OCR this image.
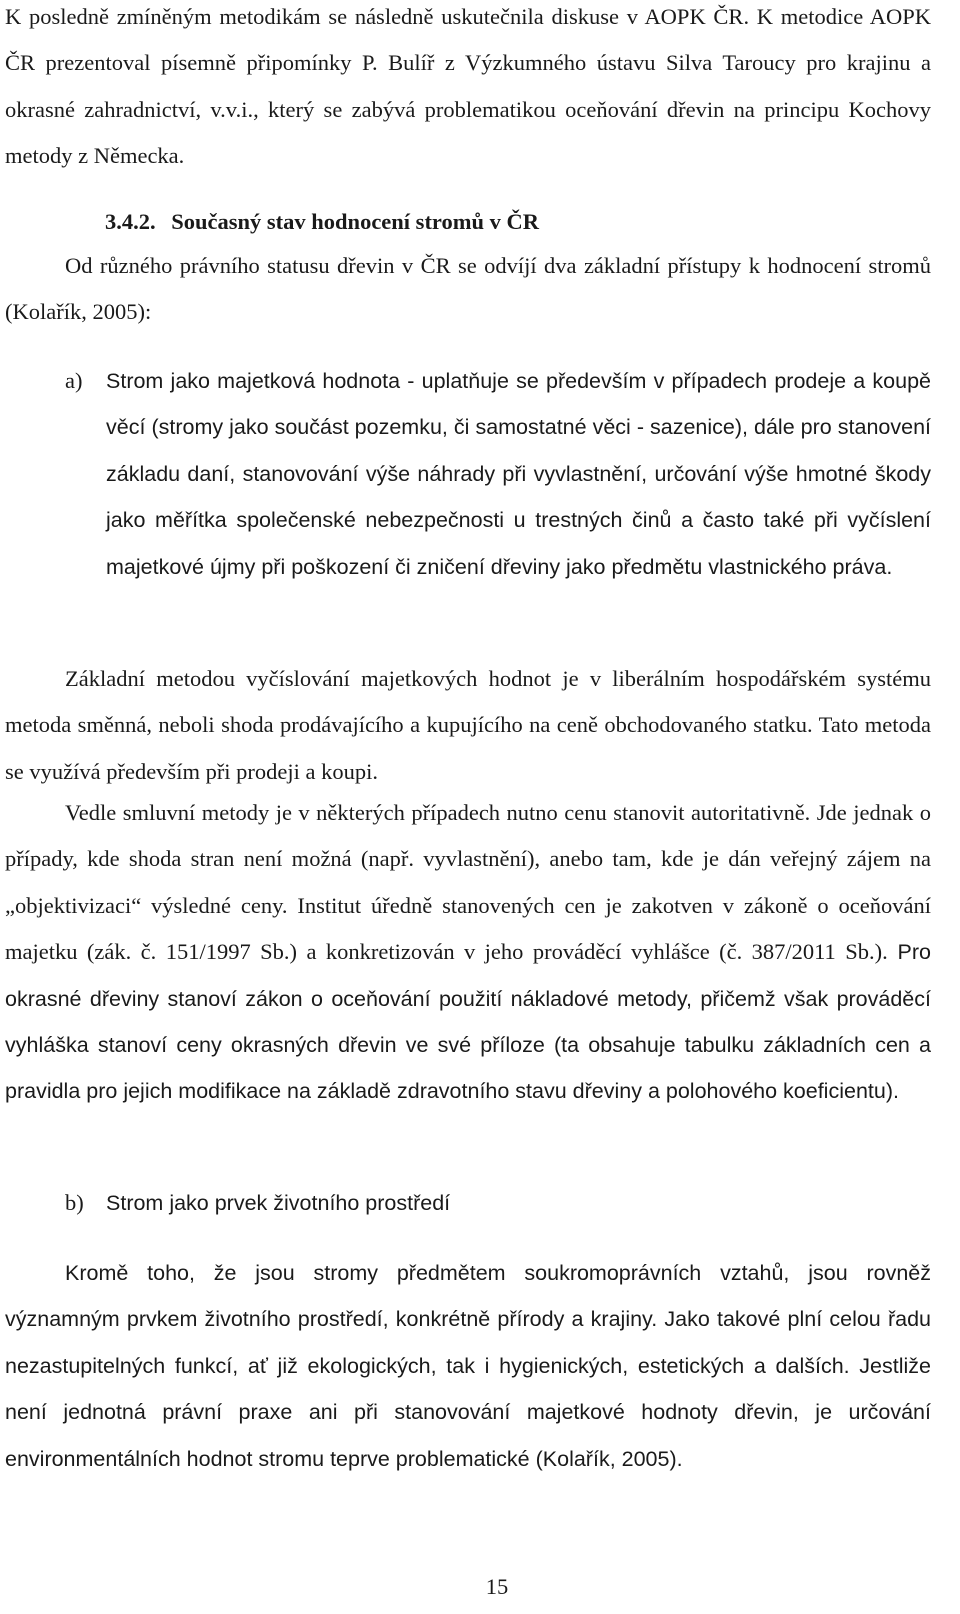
K posledně zmíněným metodikám se následně uskutečnila diskuse v AOPK ČR. K metodice AOPK ČR prezentoval písemně připomínky P. Bulíř z Výzkumného ústavu Silva Taroucy pro krajinu a okrasné zahradnictví, v.v.i., který se zabývá problematikou oceňování dřevin na principu Kochovy metody z Německa.

3.4.2. Současný stav hodnocení stromů v ČR

Od různého právního statusu dřevin v ČR se odvíjí dva základní přístupy k hodnocení stromů (Kolařík, 2005):

a) Strom jako majetková hodnota - uplatňuje se především v případech prodeje a koupě věcí (stromy jako součást pozemku, či samostatné věci - sazenice), dále pro stanovení základu daní, stanovování výše náhrady při vyvlastnění, určování výše hmotné škody jako měřítka společenské nebezpečnosti u trestných činů a často také při vyčíslení majetkové újmy při poškození či zničení dřeviny jako předmětu vlastnického práva.

Základní metodou vyčíslování majetkových hodnot je v liberálním hospodářském systému metoda směnná, neboli shoda prodávajícího a kupujícího na ceně obchodovaného statku. Tato metoda se využívá především při prodeji a koupi.

Vedle smluvní metody je v některých případech nutno cenu stanovit autoritativně. Jde jednak o případy, kde shoda stran není možná (např. vyvlastnění), anebo tam, kde je dán veřejný zájem na „objektivizaci“ výsledné ceny. Institut úředně stanovených cen je zakotven v zákoně o oceňování majetku (zák. č. 151/1997 Sb.) a konkretizován v jeho prováděcí vyhlášce (č. 387/2011 Sb.). Pro okrasné dřeviny stanoví zákon o oceňování použití nákladové metody, přičemž však prováděcí vyhláška stanoví ceny okrasných dřevin ve své příloze (ta obsahuje tabulku základních cen a pravidla pro jejich modifikace na základě zdravotního stavu dřeviny a polohového koeficientu).

b) Strom jako prvek životního prostředí

Kromě toho, že jsou stromy předmětem soukromoprávních vztahů, jsou rovněž významným prvkem životního prostředí, konkrétně přírody a krajiny. Jako takové plní celou řadu nezastupitelných funkcí, ať již ekologických, tak i hygienických, estetických a dalších. Jestliže není jednotná právní praxe ani při stanovování majetkové hodnoty dřevin, je určování environmentálních hodnot stromu teprve problematické (Kolařík, 2005).

15
